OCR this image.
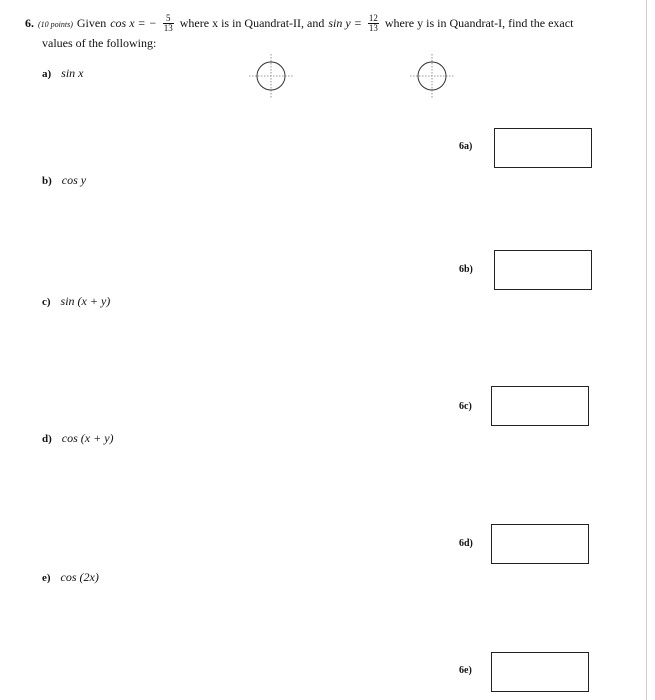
6. (10 points) Given cos x = − $\frac{5}{13}$ where x is in Quandrat-II, and $\sin y = \frac{12}{13}$ where y is in Quandrat-I, find the exact
values of the following:
a) sin x
b) cos y
c) sin (x + y)
d) cos (x + y)
e) cos (2x)
6a)
6b)
6c)
6d)
6e)
